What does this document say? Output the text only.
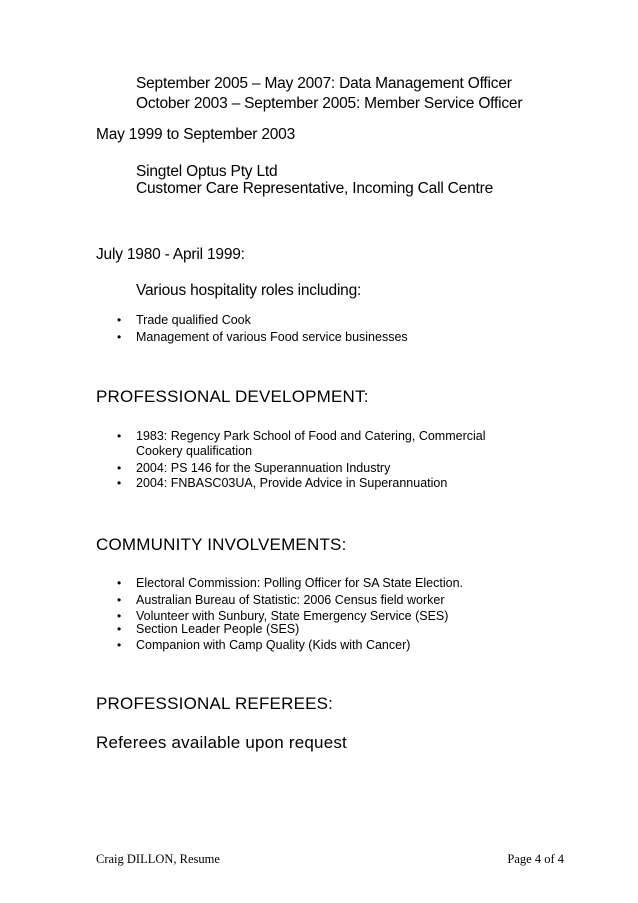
September 2005 – May 2007: Data Management Officer
October 2003 – September 2005: Member Service Officer
May 1999 to September 2003
Singtel Optus Pty Ltd
Customer Care Representative, Incoming Call Centre
July 1980 - April 1999:
Various hospitality roles including:
• Trade qualified Cook
• Management of various Food service businesses
PROFESSIONAL DEVELOPMENT:
• 1983: Regency Park School of Food and Catering, Commercial
Cookery qualification
• 2004: PS 146 for the Superannuation Industry
• 2004: FNBASC03UA, Provide Advice in Superannuation
COMMUNITY INVOLVEMENTS:
• Electoral Commission: Polling Officer for SA State Election.
• Australian Bureau of Statistic: 2006 Census field worker
• Volunteer with Sunbury, State Emergency Service (SES)
• Section Leader People (SES)
• Companion with Camp Quality (Kids with Cancer)
PROFESSIONAL REFEREES:
Referees available upon request
Craig DILLON, Resume	Page 4 of 4
